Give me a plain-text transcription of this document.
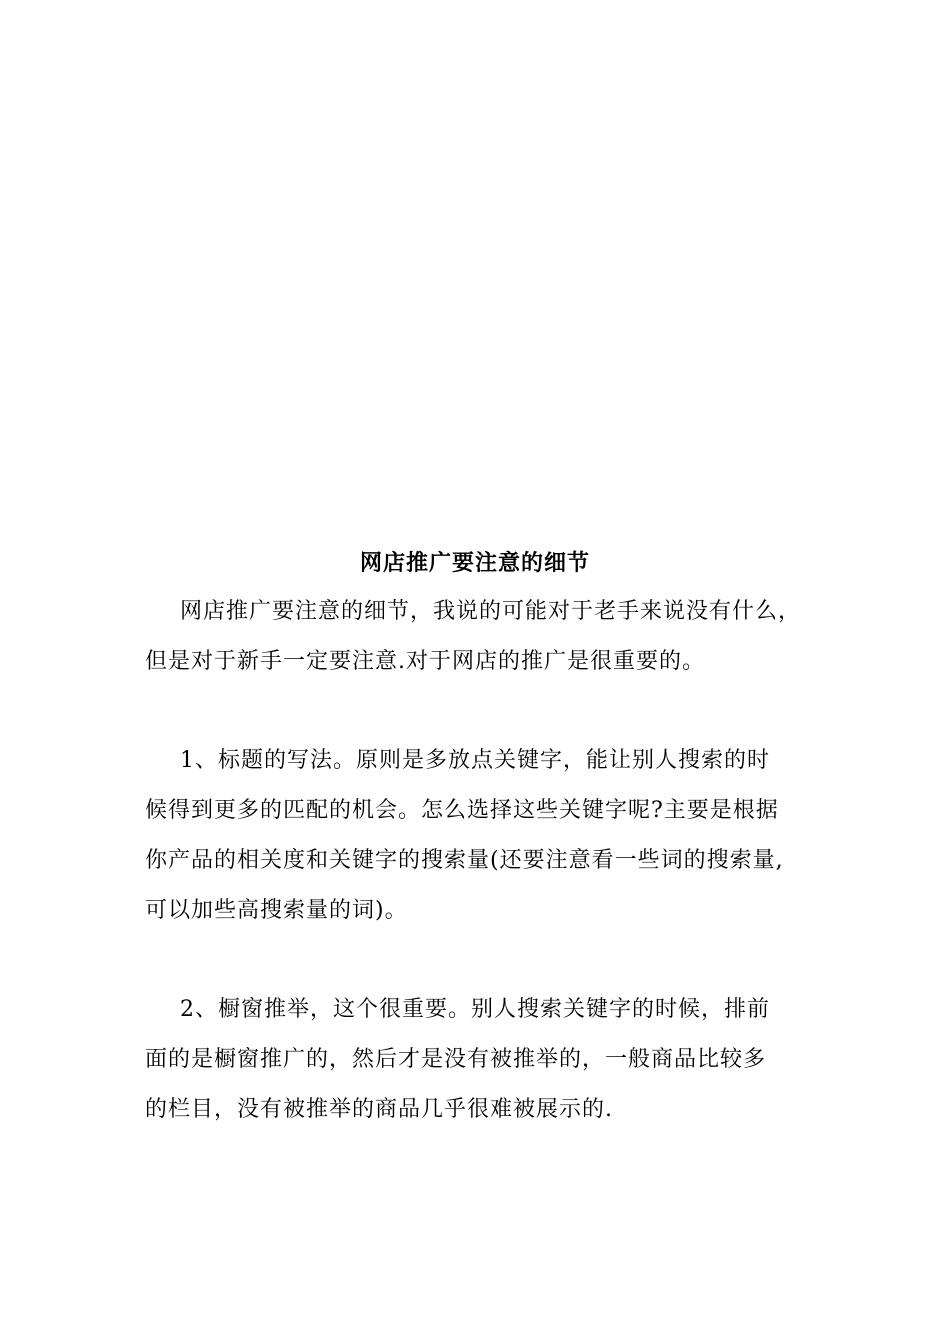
网店推广要注意的细节
网店推广要注意的细节，我说的可能对于老手来说没有什么，
但是对于新手一定要注意.对于网店的推广是很重要的。
1、标题的写法。原则是多放点关键字，能让别人搜索的时
候得到更多的匹配的机会。怎么选择这些关键字呢?主要是根据
你产品的相关度和关键字的搜索量(还要注意看一些词的搜索量,
可以加些高搜索量的词)。
2、橱窗推举，这个很重要。别人搜索关键字的时候，排前
面的是橱窗推广的，然后才是没有被推举的，一般商品比较多
的栏目，没有被推举的商品几乎很难被展示的.
